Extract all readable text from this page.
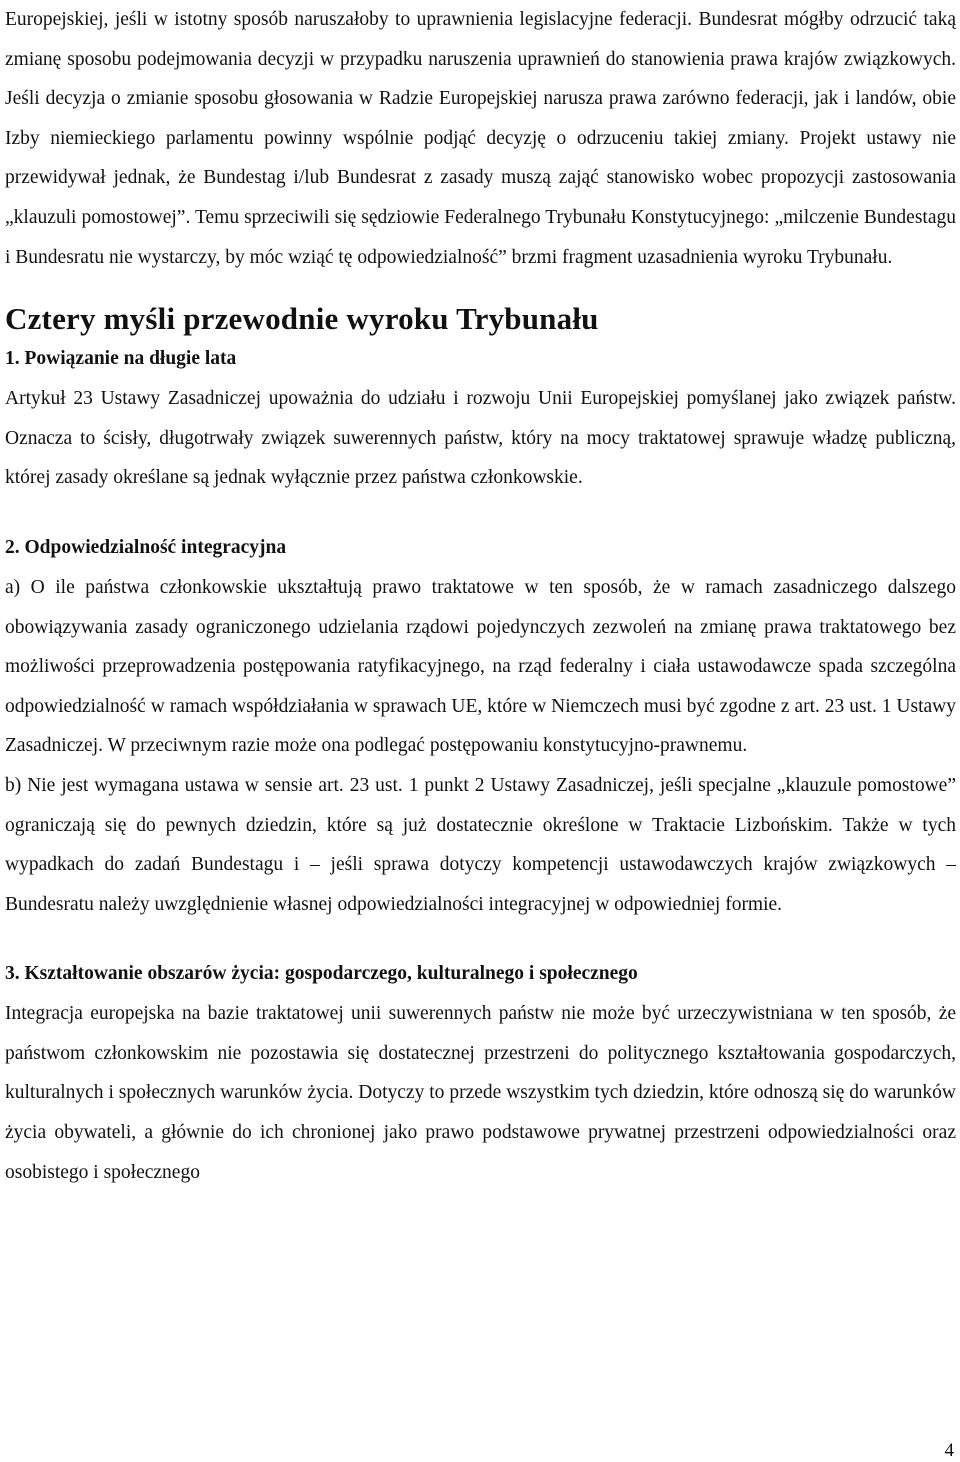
Europejskiej, jeśli w istotny sposób naruszałoby to uprawnienia legislacyjne federacji. Bundesrat mógłby odrzucić taką zmianę sposobu podejmowania decyzji w przypadku naruszenia uprawnień do stanowienia prawa krajów związkowych. Jeśli decyzja o zmianie sposobu głosowania w Radzie Europejskiej narusza prawa zarówno federacji, jak i landów, obie Izby niemieckiego parlamentu powinny wspólnie podjąć decyzję o odrzuceniu takiej zmiany. Projekt ustawy nie przewidywał jednak, że Bundestag i/lub Bundesrat z zasady muszą zająć stanowisko wobec propozycji zastosowania „klauzuli pomostowej”. Temu sprzeciwili się sędziowie Federalnego Trybunału Konstytucyjnego: „milczenie Bundestagu i Bundesratu nie wystarczy, by móc wziąć tę odpowiedzialność” brzmi fragment uzasadnienia wyroku Trybunału.

Cztery myśli przewodnie wyroku Trybunału
1. Powiązanie na długie lata

Artykuł 23 Ustawy Zasadniczej upoważnia do udziału i rozwoju Unii Europejskiej pomyślanej jako związek państw. Oznacza to ścisły, długotrwały związek suwerennych państw, który na mocy traktatowej sprawuje władzę publiczną, której zasady określane są jednak wyłącznie przez państwa członkowskie.

2. Odpowiedzialność integracyjna

a) O ile państwa członkowskie ukształtują prawo traktatowe w ten sposób, że w ramach zasadniczego dalszego obowiązywania zasady ograniczonego udzielania rządowi pojedynczych zezwoleń na zmianę prawa traktatowego bez możliwości przeprowadzenia postępowania ratyfikacyjnego, na rząd federalny i ciała ustawodawcze spada szczególna odpowiedzialność w ramach współdziałania w sprawach UE, które w Niemczech musi być zgodne z art. 23 ust. 1 Ustawy Zasadniczej. W przeciwnym razie może ona podlegać postępowaniu konstytucyjno-prawnemu.

b) Nie jest wymagana ustawa w sensie art. 23 ust. 1 punkt 2 Ustawy Zasadniczej, jeśli specjalne „klauzule pomostowe” ograniczają się do pewnych dziedzin, które są już dostatecznie określone w Traktacie Lizbońskim. Także w tych wypadkach do zadań Bundestagu i – jeśli sprawa dotyczy kompetencji ustawodawczych krajów związkowych – Bundesratu należy uwzględnienie własnej odpowiedzialności integracyjnej w odpowiedniej formie.

3. Kształtowanie obszarów życia: gospodarczego, kulturalnego i społecznego

Integracja europejska na bazie traktatowej unii suwerennych państw nie może być urzeczywistniana w ten sposób, że państwom członkowskim nie pozostawia się dostatecznej przestrzeni do politycznego kształtowania gospodarczych, kulturalnych i społecznych warunków życia. Dotyczy to przede wszystkim tych dziedzin, które odnoszą się do warunków życia obywateli, a głównie do ich chronionej jako prawo podstawowe prywatnej przestrzeni odpowiedzialności oraz osobistego i społecznego

4
